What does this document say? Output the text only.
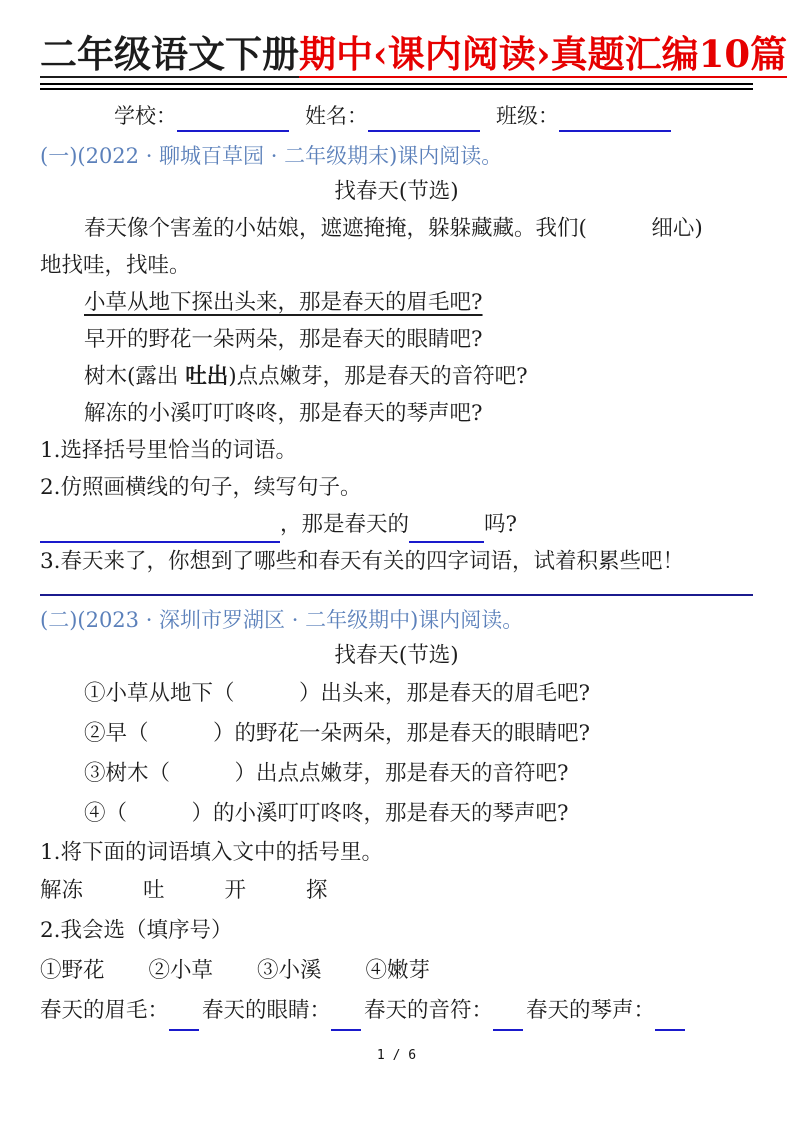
二年级语文下册期中‹课内阅读›真题汇编10篇
学校：	姓名：	班级：
(一)(2022 · 聊城百草园 · 二年级期末)课内阅读。
找春天(节选)

春天像个害羞的小姑娘，遮遮掩掩，躲躲藏藏。我们(　　　细心)

地找哇，找哇。

小草从地下探出头来，那是春天的眉毛吧?

早开的野花一朵两朵，那是春天的眼睛吧?

树木(露出 吐出)点点嫩芽，那是春天的音符吧?

解冻的小溪叮叮咚咚，那是春天的琴声吧?

1.选择括号里恰当的词语。

2.仿照画横线的句子，续写句子。

，那是春天的	吗?

3.春天来了，你想到了哪些和春天有关的四字词语，试着积累些吧！

(二)(2023 · 深圳市罗湖区 · 二年级期中)课内阅读。
找春天(节选)

①小草从地下（　　　）出头来，那是春天的眉毛吧?

②早（　　　）的野花一朵两朵，那是春天的眼睛吧?

③树木（　　　）出点点嫩芽，那是春天的音符吧?

④（　　　）的小溪叮叮咚咚，那是春天的琴声吧?

1.将下面的词语填入文中的括号里。

解冻	吐	开	探

2.我会选（填序号）

①野花 ②小草 ③小溪 ④嫩芽

春天的眉毛： 春天的眼睛： 春天的音符： 春天的琴声：

1 / 6
